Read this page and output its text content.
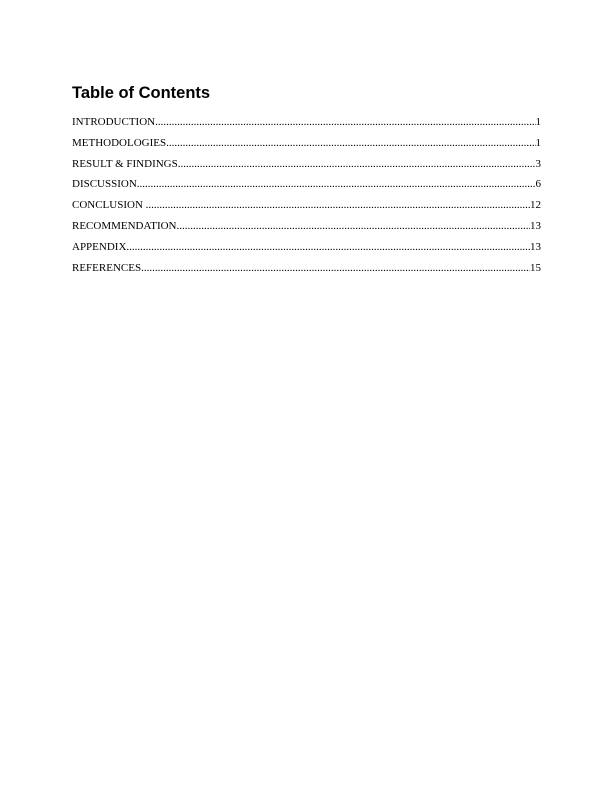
Table of Contents
INTRODUCTION .....	1
METHODOLOGIES .....	1
RESULT & FINDINGS .....	3
DISCUSSION .....	6
CONCLUSION .....	12
RECOMMENDATION .....	13
APPENDIX .....	13
REFERENCES .....	15
